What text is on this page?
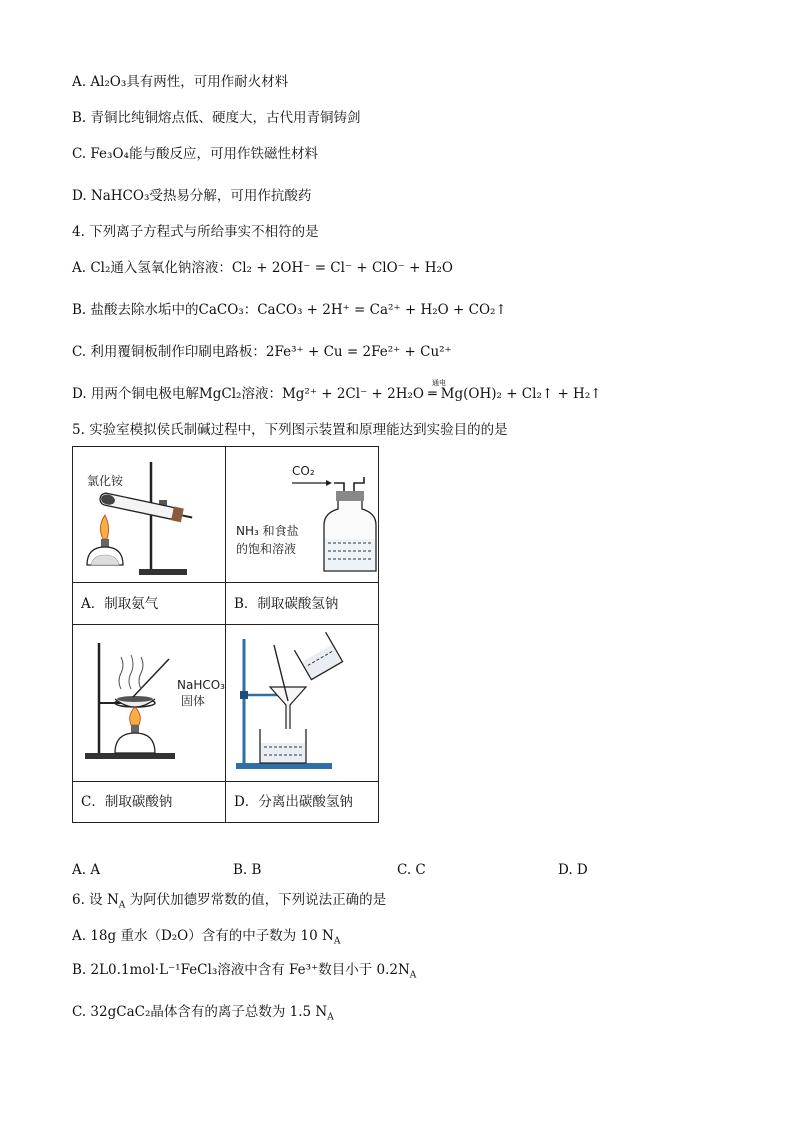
A. Al₂O₃具有两性，可用作耐火材料
B. 青铜比纯铜熔点低、硬度大，古代用青铜铸剑
C. Fe₃O₄能与酸反应，可用作铁磁性材料
D. NaHCO₃受热易分解，可用作抗酸药
4. 下列离子方程式与所给事实不相符的是
A. Cl₂通入氢氧化钠溶液：Cl₂ + 2OH⁻ = Cl⁻ + ClO⁻ + H₂O
B. 盐酸去除水垢中的CaCO₃：CaCO₃ + 2H⁺ = Ca²⁺ + H₂O + CO₂↑
C. 利用覆铜板制作印刷电路板：2Fe³⁺ + Cu = 2Fe²⁺ + Cu²⁺
D. 用两个铜电极电解MgCl₂溶液：Mg²⁺ + 2Cl⁻ + 2H₂O ═ Mg(OH)₂ + Cl₂↑ + H₂↑
5. 实验室模拟侯氏制碱过程中，下列图示装置和原理能达到实验目的的是
氯化铵	CO₂
NH₃ 和食盐
的饱和溶液

A．制取氨气	B．制取碳酸氢钠

NaHCO₃
固体

C．制取碳酸钠	D．分离出碳酸氢钠
通电
A. A	B. B	C. C	D. D
6. 设 $N_A$ 为阿伏加德罗常数的值，下列说法正确的是
A. 18g 重水（D₂O）含有的中子数为 10 $N_A$
B. 2L0.1mol·L⁻¹FeCl₃溶液中含有 Fe³⁺数目小于 $0.2N_A$
C. 32gCaC₂晶体含有的离子总数为 1.5 $N_A$
